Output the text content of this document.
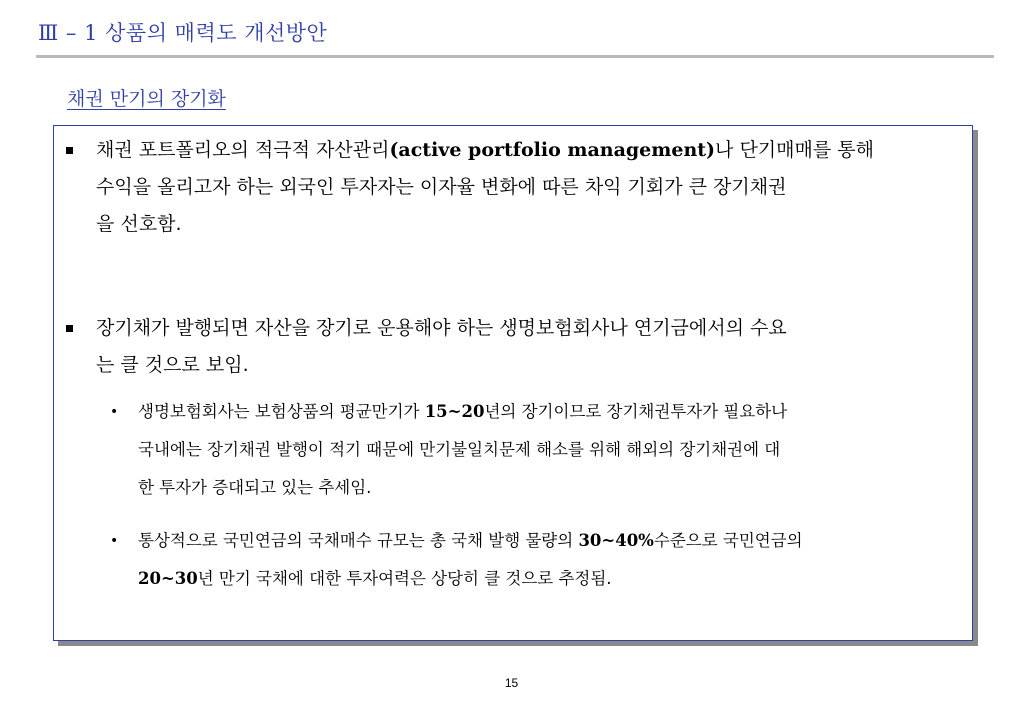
Ⅲ – 1 상품의 매력도 개선방안
채권 만기의 장기화
채권 포트폴리오의 적극적 자산관리(active portfolio management)나 단기매매를 통해
수익을 올리고자 하는 외국인 투자자는 이자율 변화에 따른 차익 기회가 큰 장기채권
을 선호함.
장기채가 발행되면 자산을 장기로 운용해야 하는 생명보험회사나 연기금에서의 수요
는 클 것으로 보임.
• 생명보험회사는 보험상품의 평균만기가 15~20년의 장기이므로 장기채권투자가 필요하나
국내에는 장기채권 발행이 적기 때문에 만기불일치문제 해소를 위해 해외의 장기채권에 대
한 투자가 증대되고 있는 추세임.
• 통상적으로 국민연금의 국채매수 규모는 총 국채 발행 물량의 30~40%수준으로 국민연금의
20~30년 만기 국채에 대한 투자여력은 상당히 클 것으로 추정됨.
15
